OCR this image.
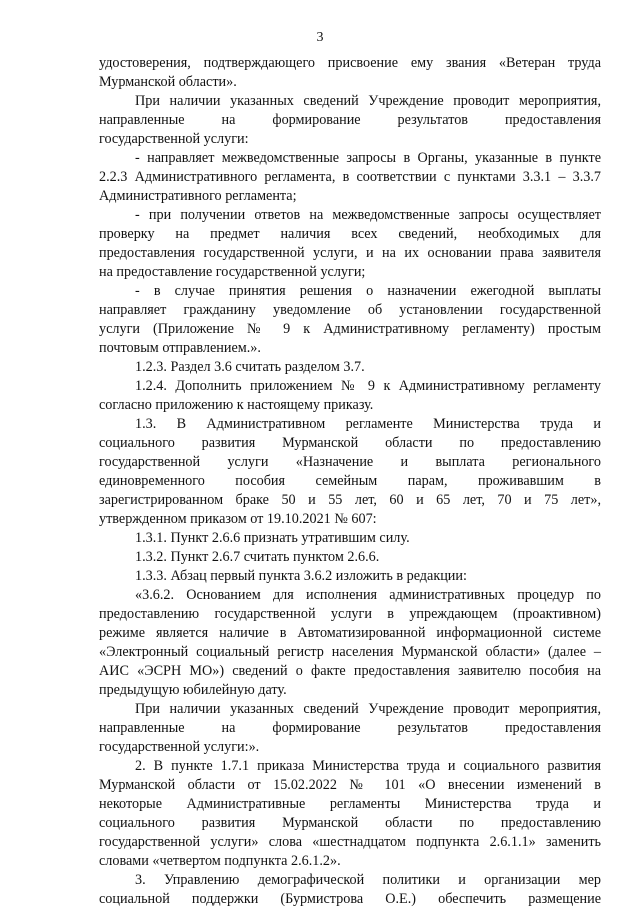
3
удостоверения, подтверждающего присвоение ему звания «Ветеран труда
Мурманской области».
При наличии указанных сведений Учреждение проводит мероприятия,
направленные на формирование результатов предоставления
государственной услуги:
- направляет межведомственные запросы в Органы, указанные в пункте
2.2.3 Административного регламента, в соответствии с пунктами 3.3.1 – 3.3.7
Административного регламента;
- при получении ответов на межведомственные запросы осуществляет
проверку на предмет наличия всех сведений, необходимых для
предоставления государственной услуги, и на их основании права заявителя
на предоставление государственной услуги;
- в случае принятия решения о назначении ежегодной выплаты
направляет гражданину уведомление об установлении государственной
услуги (Приложение № 9 к Административному регламенту) простым
почтовым отправлением.».
1.2.3. Раздел 3.6 считать разделом 3.7.
1.2.4. Дополнить приложением № 9 к Административному регламенту
согласно приложению к настоящему приказу.
1.3. В Административном регламенте Министерства труда и
социального развития Мурманской области по предоставлению
государственной услуги «Назначение и выплата регионального
единовременного пособия семейным парам, проживавшим в
зарегистрированном браке 50 и 55 лет, 60 и 65 лет, 70 и 75 лет»,
утвержденном приказом от 19.10.2021 № 607:
1.3.1. Пункт 2.6.6 признать утратившим силу.
1.3.2. Пункт 2.6.7 считать пунктом 2.6.6.
1.3.3. Абзац первый пункта 3.6.2 изложить в редакции:
«3.6.2. Основанием для исполнения административных процедур по
предоставлению государственной услуги в упреждающем (проактивном)
режиме является наличие в Автоматизированной информационной системе
«Электронный социальный регистр населения Мурманской области» (далее –
АИС «ЭСРН МО») сведений о факте предоставления заявителю пособия на
предыдущую юбилейную дату.
При наличии указанных сведений Учреждение проводит мероприятия,
направленные на формирование результатов предоставления
государственной услуги:».
2. В пункте 1.7.1 приказа Министерства труда и социального развития
Мурманской области от 15.02.2022 № 101 «О внесении изменений в
некоторые Административные регламенты Министерства труда и
социального развития Мурманской области по предоставлению
государственной услуги» слова «шестнадцатом подпункта 2.6.1.1» заменить
словами «четвертом подпункта 2.6.1.2».
3. Управлению демографической политики и организации мер
социальной поддержки (Бурмистрова О.Е.) обеспечить размещение
